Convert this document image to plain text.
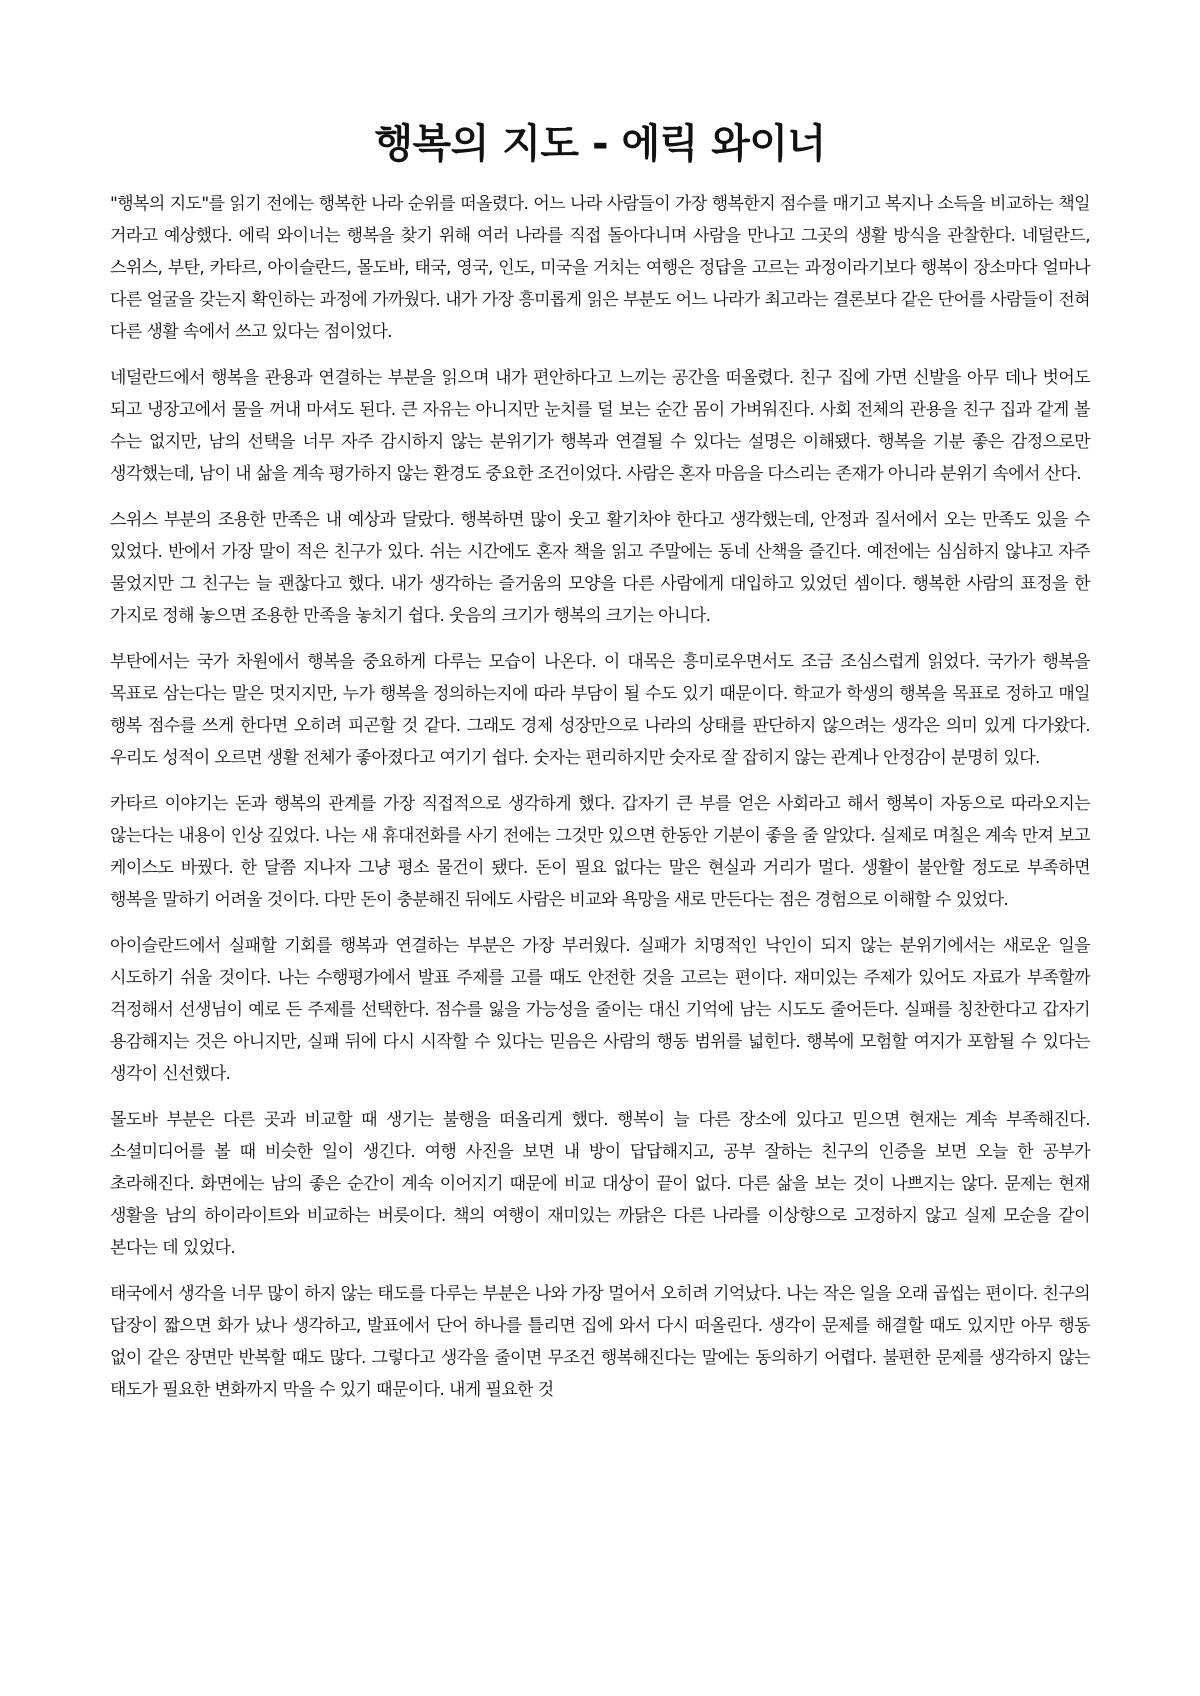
행복의 지도 - 에릭 와이너

"행복의 지도"를 읽기 전에는 행복한 나라 순위를 떠올렸다. 어느 나라 사람들이 가장 행복한지 점수를 매기고 복지나 소득을 비교하는 책일 거라고 예상했다. 에릭 와이너는 행복을 찾기 위해 여러 나라를 직접 돌아다니며 사람을 만나고 그곳의 생활 방식을 관찰한다. 네덜란드, 스위스, 부탄, 카타르, 아이슬란드, 몰도바, 태국, 영국, 인도, 미국을 거치는 여행은 정답을 고르는 과정이라기보다 행복이 장소마다 얼마나 다른 얼굴을 갖는지 확인하는 과정에 가까웠다. 내가 가장 흥미롭게 읽은 부분도 어느 나라가 최고라는 결론보다 같은 단어를 사람들이 전혀 다른 생활 속에서 쓰고 있다는 점이었다.

네덜란드에서 행복을 관용과 연결하는 부분을 읽으며 내가 편안하다고 느끼는 공간을 떠올렸다. 친구 집에 가면 신발을 아무 데나 벗어도 되고 냉장고에서 물을 꺼내 마셔도 된다. 큰 자유는 아니지만 눈치를 덜 보는 순간 몸이 가벼워진다. 사회 전체의 관용을 친구 집과 같게 볼 수는 없지만, 남의 선택을 너무 자주 감시하지 않는 분위기가 행복과 연결될 수 있다는 설명은 이해됐다. 행복을 기분 좋은 감정으로만 생각했는데, 남이 내 삶을 계속 평가하지 않는 환경도 중요한 조건이었다. 사람은 혼자 마음을 다스리는 존재가 아니라 분위기 속에서 산다.

스위스 부분의 조용한 만족은 내 예상과 달랐다. 행복하면 많이 웃고 활기차야 한다고 생각했는데, 안정과 질서에서 오는 만족도 있을 수 있었다. 반에서 가장 말이 적은 친구가 있다. 쉬는 시간에도 혼자 책을 읽고 주말에는 동네 산책을 즐긴다. 예전에는 심심하지 않냐고 자주 물었지만 그 친구는 늘 괜찮다고 했다. 내가 생각하는 즐거움의 모양을 다른 사람에게 대입하고 있었던 셈이다. 행복한 사람의 표정을 한 가지로 정해 놓으면 조용한 만족을 놓치기 쉽다. 웃음의 크기가 행복의 크기는 아니다.

부탄에서는 국가 차원에서 행복을 중요하게 다루는 모습이 나온다. 이 대목은 흥미로우면서도 조금 조심스럽게 읽었다. 국가가 행복을 목표로 삼는다는 말은 멋지지만, 누가 행복을 정의하는지에 따라 부담이 될 수도 있기 때문이다. 학교가 학생의 행복을 목표로 정하고 매일 행복 점수를 쓰게 한다면 오히려 피곤할 것 같다. 그래도 경제 성장만으로 나라의 상태를 판단하지 않으려는 생각은 의미 있게 다가왔다. 우리도 성적이 오르면 생활 전체가 좋아졌다고 여기기 쉽다. 숫자는 편리하지만 숫자로 잘 잡히지 않는 관계나 안정감이 분명히 있다.

카타르 이야기는 돈과 행복의 관계를 가장 직접적으로 생각하게 했다. 갑자기 큰 부를 얻은 사회라고 해서 행복이 자동으로 따라오지는 않는다는 내용이 인상 깊었다. 나는 새 휴대전화를 사기 전에는 그것만 있으면 한동안 기분이 좋을 줄 알았다. 실제로 며칠은 계속 만져 보고 케이스도 바꿨다. 한 달쯤 지나자 그냥 평소 물건이 됐다. 돈이 필요 없다는 말은 현실과 거리가 멀다. 생활이 불안할 정도로 부족하면 행복을 말하기 어려울 것이다. 다만 돈이 충분해진 뒤에도 사람은 비교와 욕망을 새로 만든다는 점은 경험으로 이해할 수 있었다.

아이슬란드에서 실패할 기회를 행복과 연결하는 부분은 가장 부러웠다. 실패가 치명적인 낙인이 되지 않는 분위기에서는 새로운 일을 시도하기 쉬울 것이다. 나는 수행평가에서 발표 주제를 고를 때도 안전한 것을 고르는 편이다. 재미있는 주제가 있어도 자료가 부족할까 걱정해서 선생님이 예로 든 주제를 선택한다. 점수를 잃을 가능성을 줄이는 대신 기억에 남는 시도도 줄어든다. 실패를 칭찬한다고 갑자기 용감해지는 것은 아니지만, 실패 뒤에 다시 시작할 수 있다는 믿음은 사람의 행동 범위를 넓힌다. 행복에 모험할 여지가 포함될 수 있다는 생각이 신선했다.

몰도바 부분은 다른 곳과 비교할 때 생기는 불행을 떠올리게 했다. 행복이 늘 다른 장소에 있다고 믿으면 현재는 계속 부족해진다. 소셜미디어를 볼 때 비슷한 일이 생긴다. 여행 사진을 보면 내 방이 답답해지고, 공부 잘하는 친구의 인증을 보면 오늘 한 공부가 초라해진다. 화면에는 남의 좋은 순간이 계속 이어지기 때문에 비교 대상이 끝이 없다. 다른 삶을 보는 것이 나쁘지는 않다. 문제는 현재 생활을 남의 하이라이트와 비교하는 버릇이다. 책의 여행이 재미있는 까닭은 다른 나라를 이상향으로 고정하지 않고 실제 모순을 같이 본다는 데 있었다.

태국에서 생각을 너무 많이 하지 않는 태도를 다루는 부분은 나와 가장 멀어서 오히려 기억났다. 나는 작은 일을 오래 곱씹는 편이다. 친구의 답장이 짧으면 화가 났나 생각하고, 발표에서 단어 하나를 틀리면 집에 와서 다시 떠올린다. 생각이 문제를 해결할 때도 있지만 아무 행동 없이 같은 장면만 반복할 때도 많다. 그렇다고 생각을 줄이면 무조건 행복해진다는 말에는 동의하기 어렵다. 불편한 문제를 생각하지 않는 태도가 필요한 변화까지 막을 수 있기 때문이다. 내게 필요한 것
